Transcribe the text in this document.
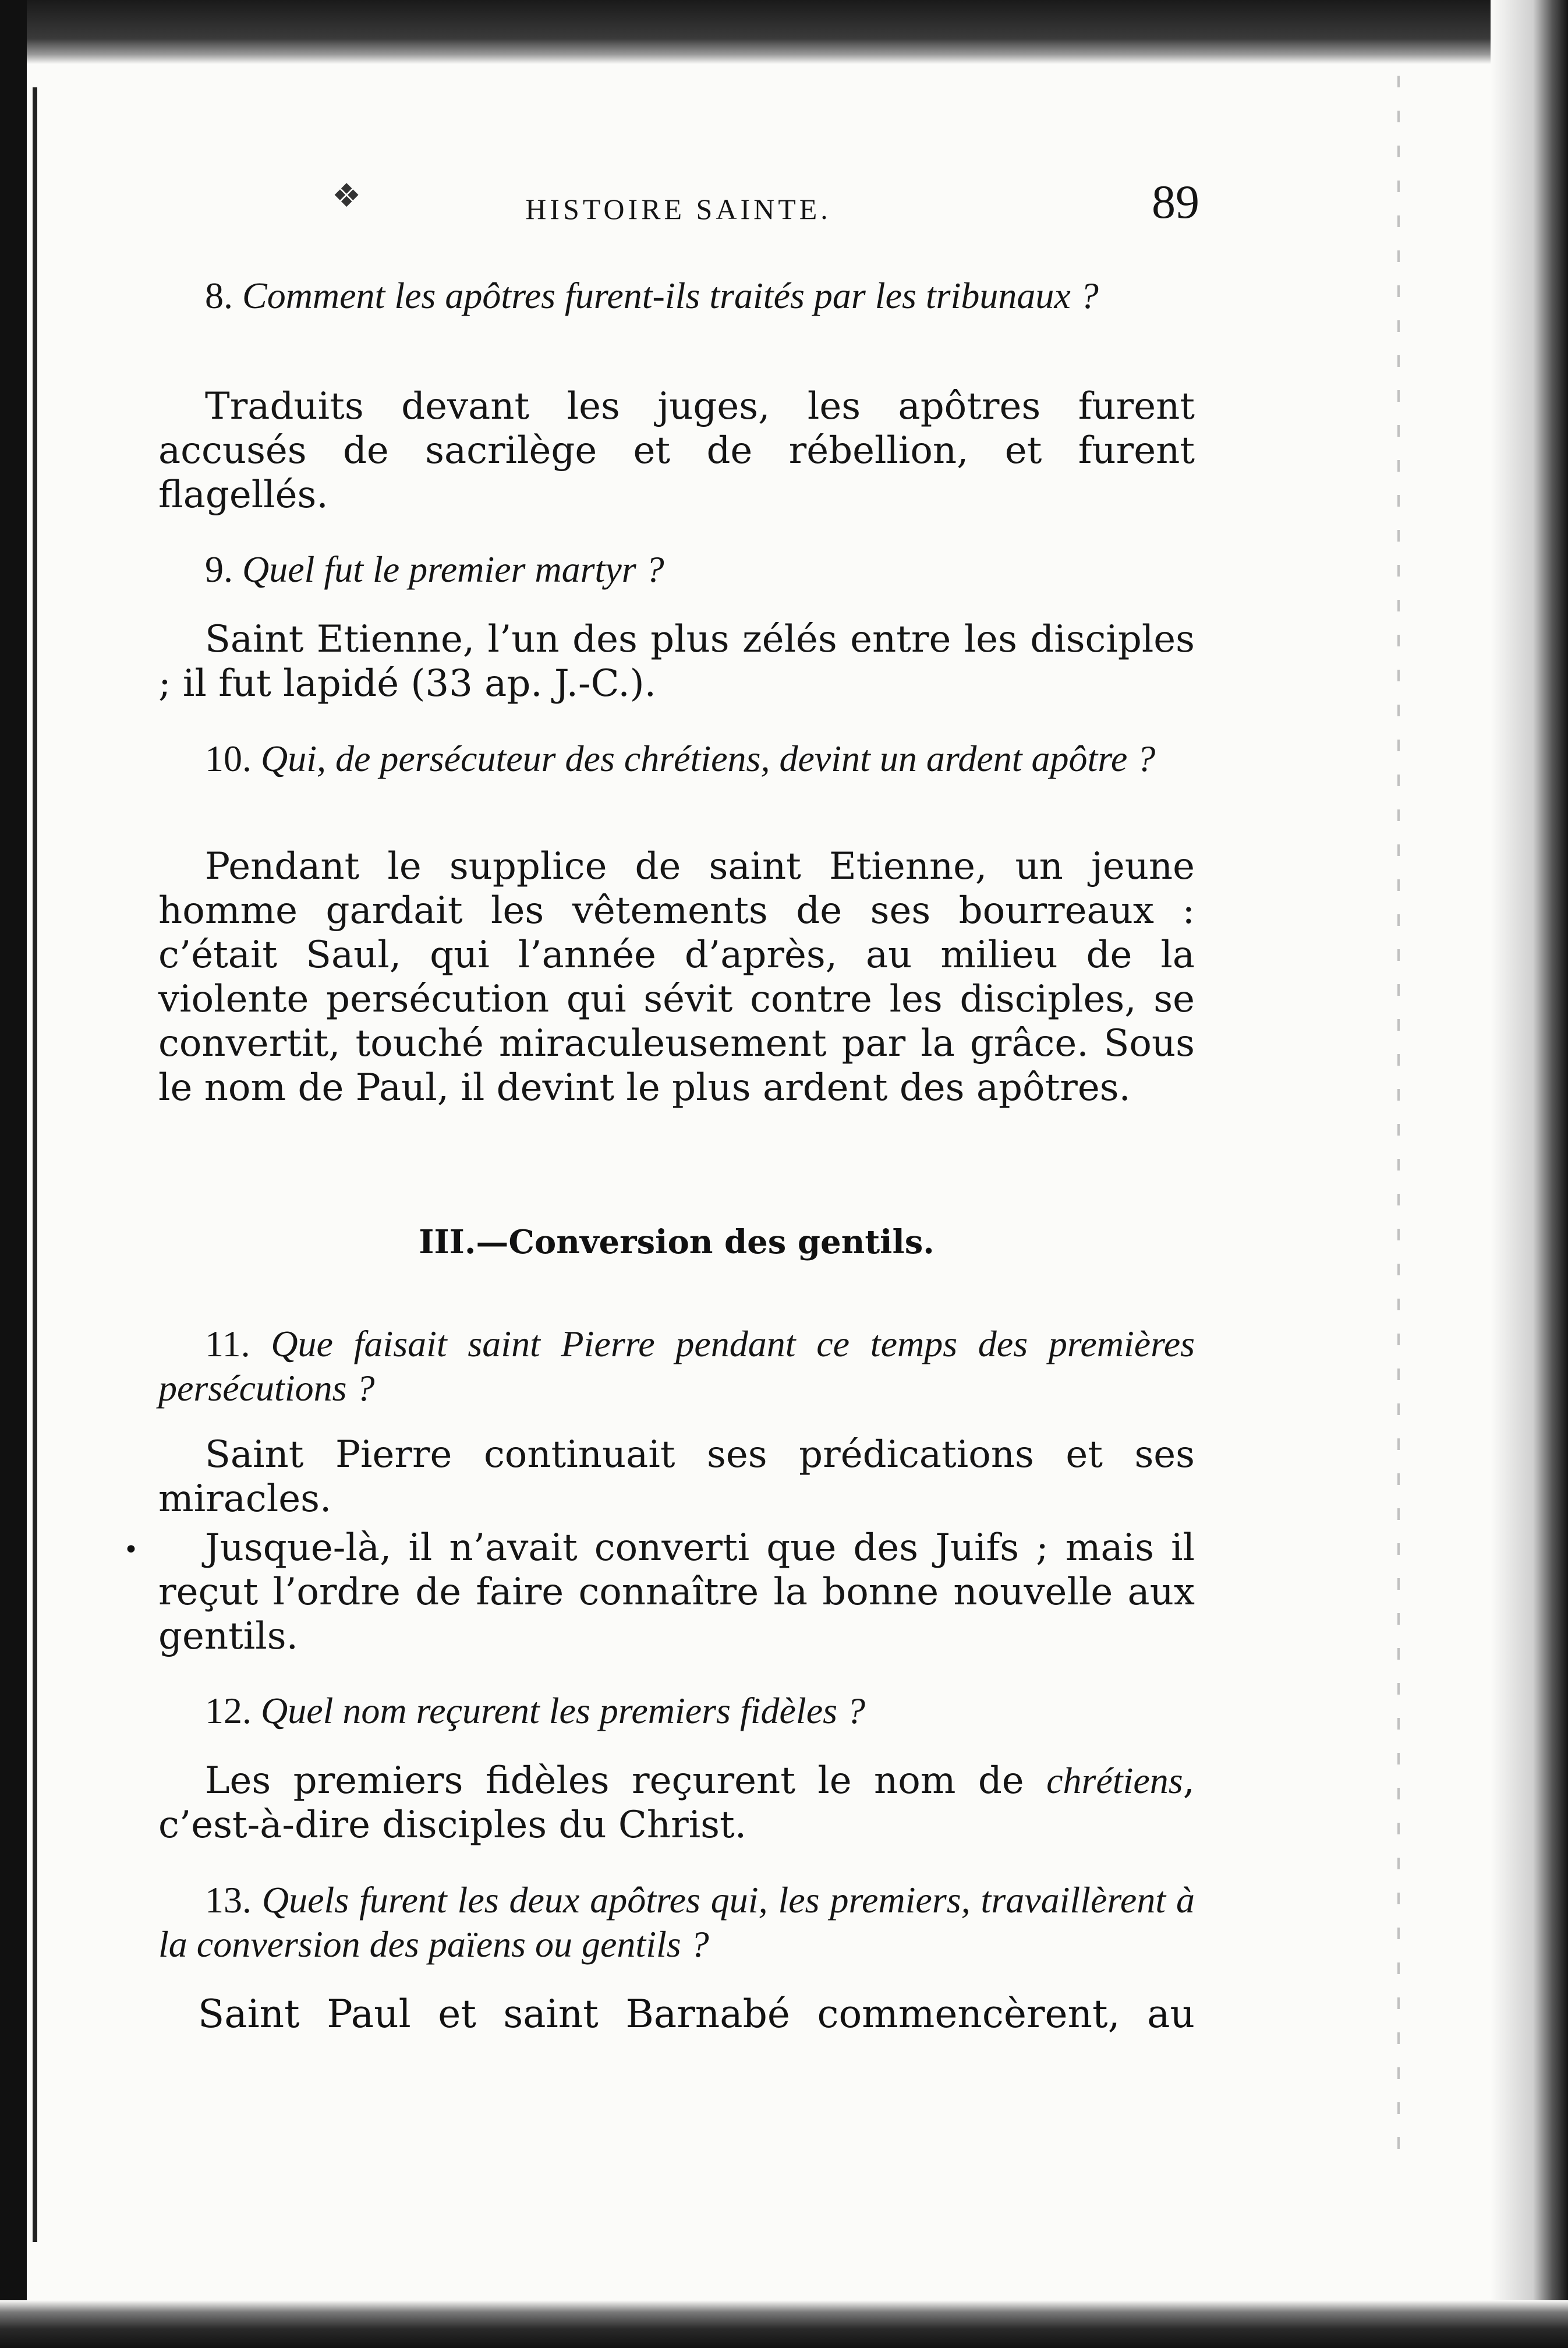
❖	HISTOIRE SAINTE.	89
8. Comment les apôtres furent-ils traités par les tribunaux ?
Traduits devant les juges, les apôtres furent accusés de sacrilège et de rébellion, et furent flagellés.
9. Quel fut le premier martyr ?
Saint Etienne, l’un des plus zélés entre les disciples ; il fut lapidé (33 ap. J.-C.).
10. Qui, de persécuteur des chrétiens, devint un ardent apôtre ?
Pendant le supplice de saint Etienne, un jeune homme gardait les vêtements de ses bourreaux : c’était Saul, qui l’année d’après, au milieu de la violente persécution qui sévit contre les disciples, se convertit, touché miraculeusement par la grâce. Sous le nom de Paul, il devint le plus ardent des apôtres.
III.—Conversion des gentils.
11. Que faisait saint Pierre pendant ce temps des premières persécutions ?
Saint Pierre continuait ses prédications et ses miracles.
•	Jusque-là, il n’avait converti que des Juifs ; mais il reçut l’ordre de faire connaître la bonne nouvelle aux gentils.
12. Quel nom reçurent les premiers fidèles ?
Les premiers fidèles reçurent le nom de chrétiens, c’est-à-dire disciples du Christ.
13. Quels furent les deux apôtres qui, les premiers, travaillèrent à la conversion des païens ou gentils ?
Saint Paul et saint Barnabé commencèrent, au
